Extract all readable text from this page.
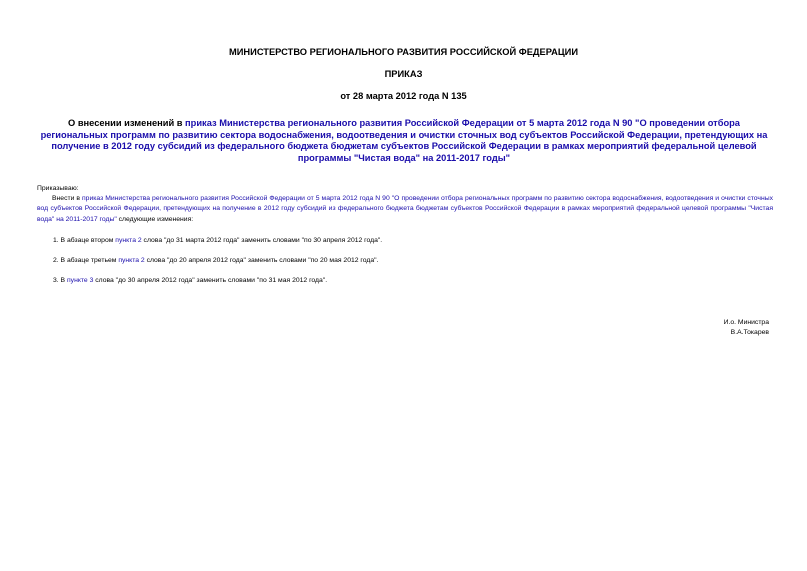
МИНИСТЕРСТВО РЕГИОНАЛЬНОГО РАЗВИТИЯ РОССИЙСКОЙ ФЕДЕРАЦИИ
ПРИКАЗ
от 28 марта 2012 года N 135
О внесении изменений в приказ Министерства регионального развития Российской Федерации от 5 марта 2012 года N 90 "О проведении отбора региональных программ по развитию сектора водоснабжения, водоотведения и очистки сточных вод субъектов Российской Федерации, претендующих на получение в 2012 году субсидий из федерального бюджета бюджетам субъектов Российской Федерации в рамках мероприятий федеральной целевой программы "Чистая вода" на 2011-2017 годы"
Приказываю:
Внести в приказ Министерства регионального развития Российской Федерации от 5 марта 2012 года N 90 "О проведении отбора региональных программ по развитию сектора водоснабжения, водоотведения и очистки сточных вод субъектов Российской Федерации, претендующих на получение в 2012 году субсидий из федерального бюджета бюджетам субъектов Российской Федерации в рамках мероприятий федеральной целевой программы "Чистая вода" на 2011-2017 годы" следующие изменения:
1. В абзаце втором пункта 2 слова "до 31 марта 2012 года" заменить словами "по 30 апреля 2012 года".
2. В абзаце третьем пункта 2 слова "до 20 апреля 2012 года" заменить словами "по 20 мая 2012 года".
3. В пункте 3 слова "до 30 апреля 2012 года" заменить словами "по 31 мая 2012 года".
И.о. Министра
В.А.Токарев
